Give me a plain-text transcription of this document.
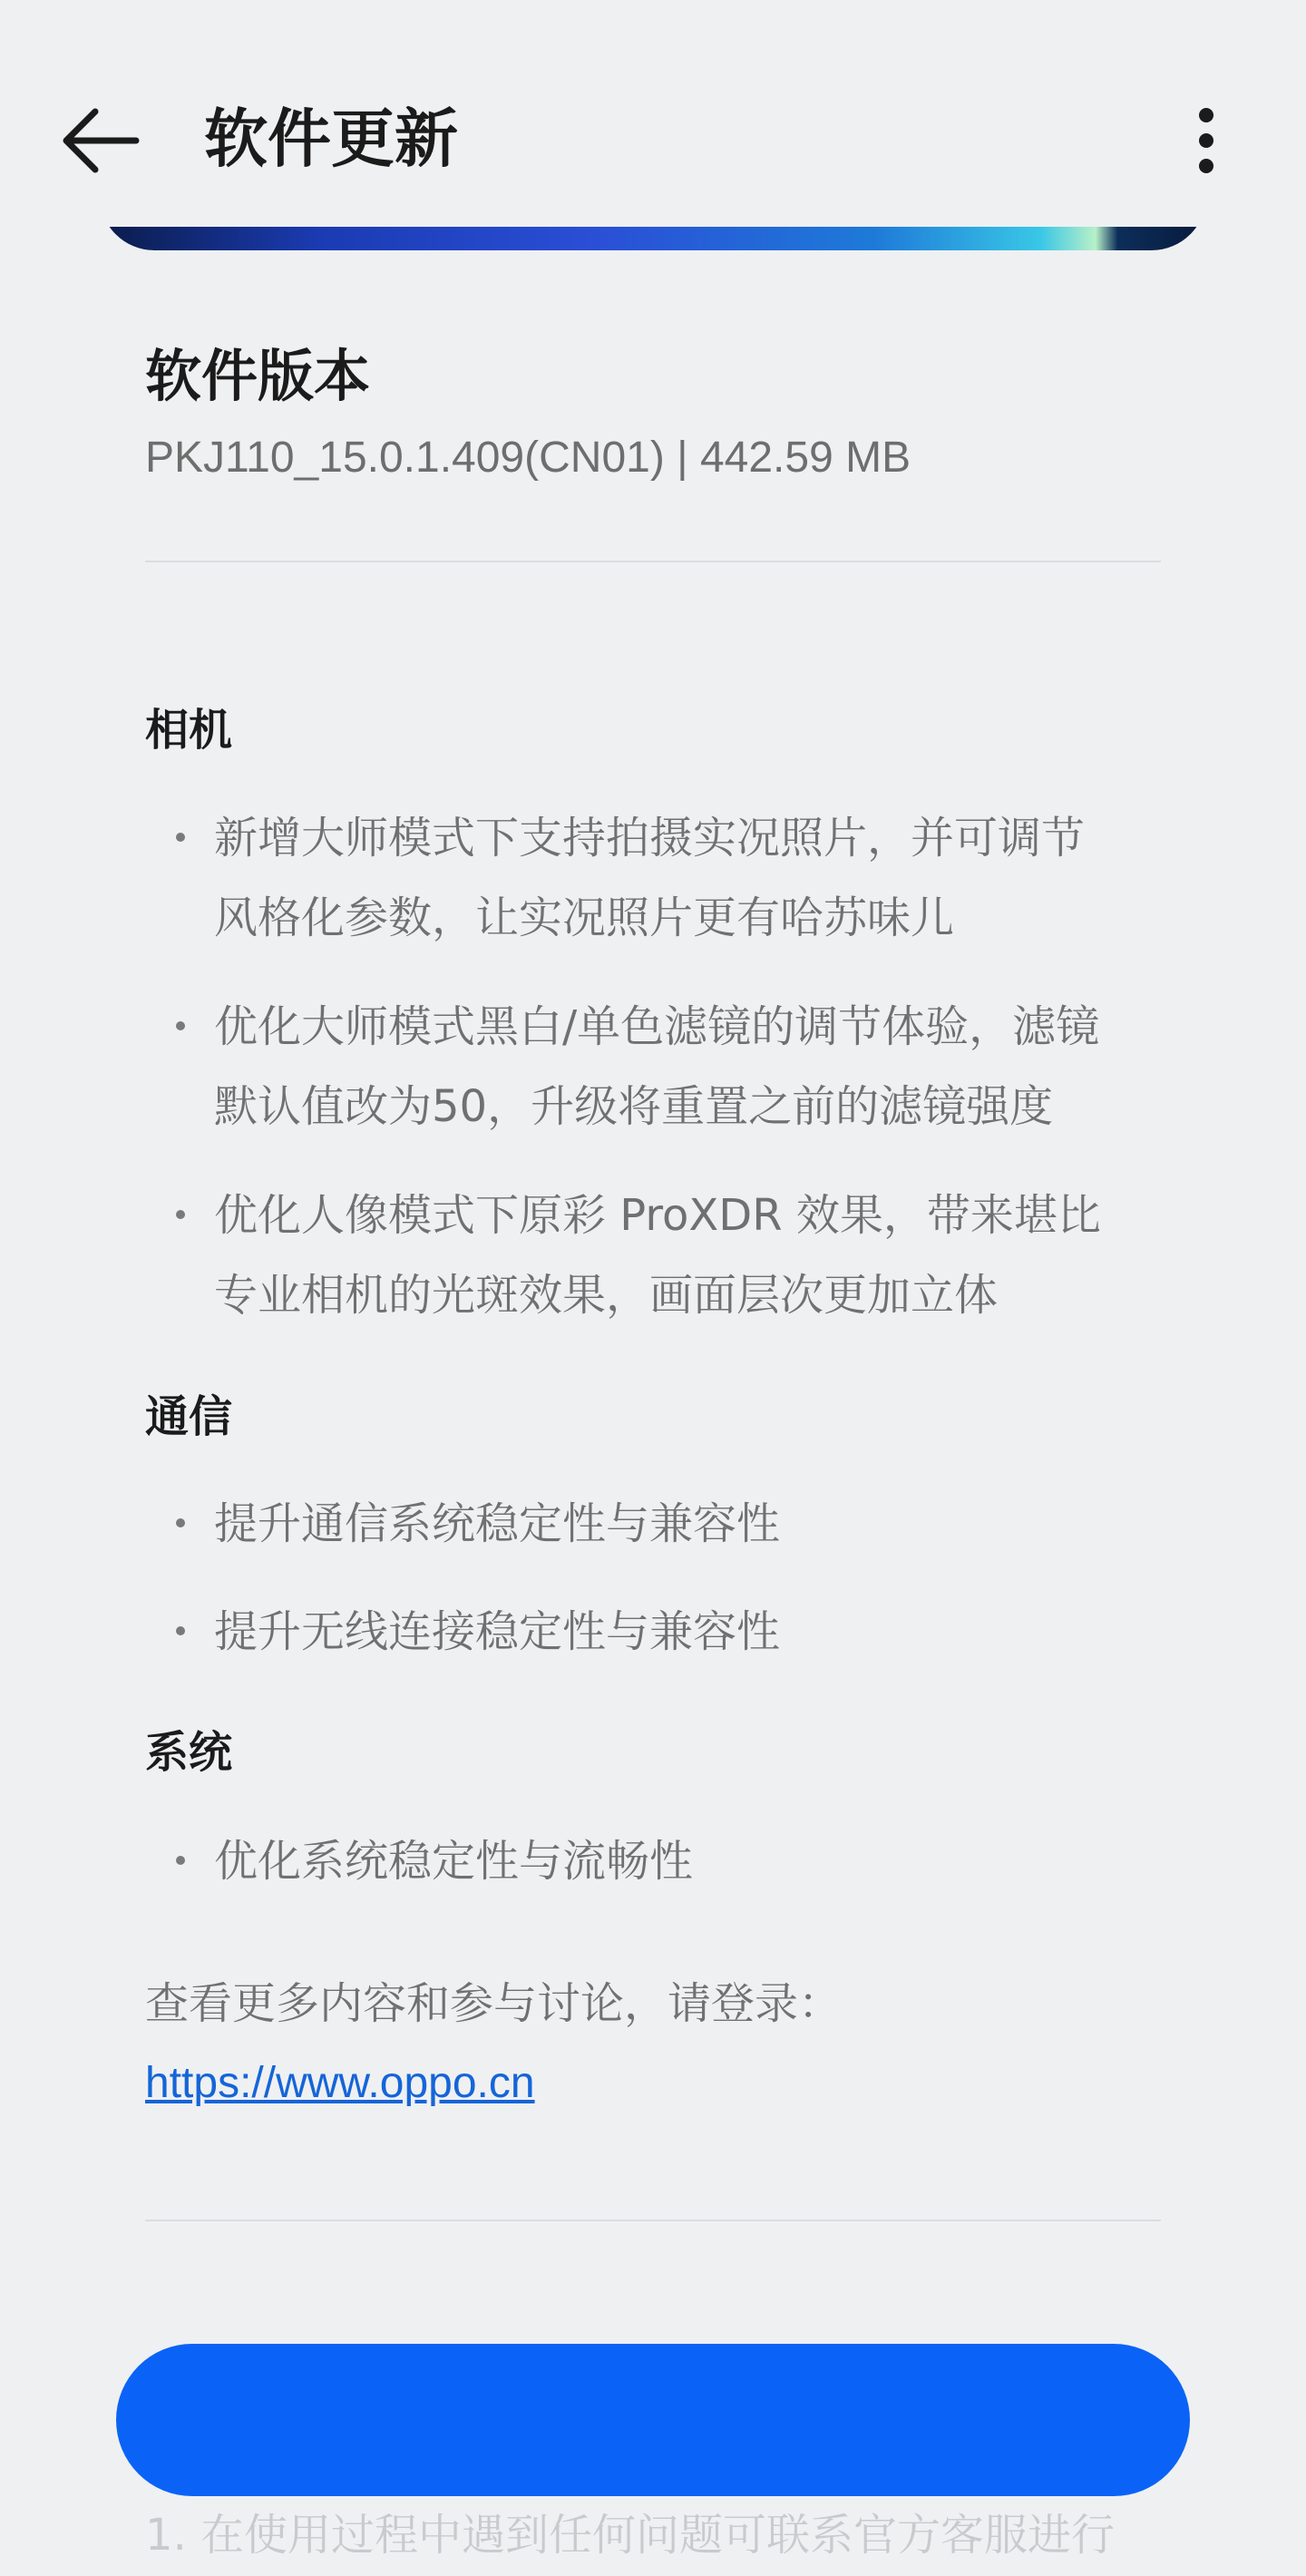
软件更新
软件版本
PKJ110_15.0.1.409(CN01) | 442.59 MB
相机
新增大师模式下支持拍摄实况照片，并可调节
风格化参数，让实况照片更有哈苏味儿
优化大师模式黑白/单色滤镜的调节体验，滤镜
默认值改为50，升级将重置之前的滤镜强度
优化人像模式下原彩 ProXDR 效果，带来堪比
专业相机的光斑效果，画面层次更加立体
通信
提升通信系统稳定性与兼容性
提升无线连接稳定性与兼容性
系统
优化系统稳定性与流畅性
查看更多内容和参与讨论，请登录：
https://www.oppo.cn
1. 在使用过程中遇到任何问题可联系官方客服进行
